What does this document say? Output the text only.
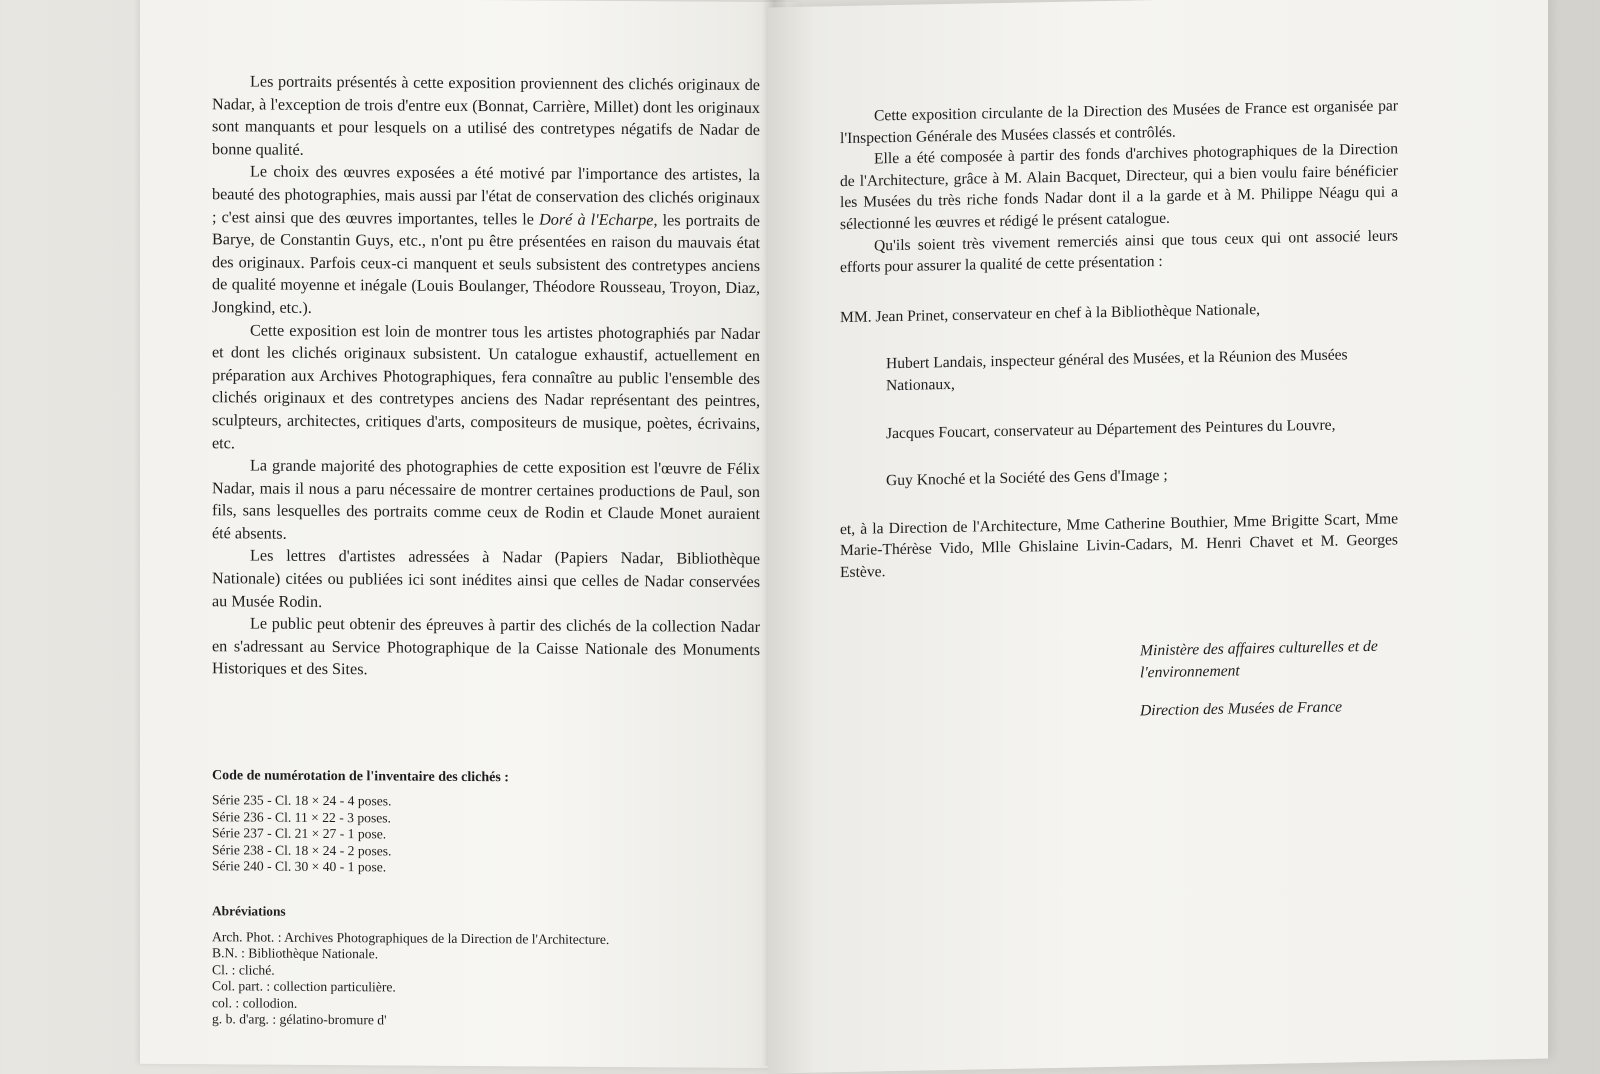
Les portraits présentés à cette exposition proviennent des clichés originaux de Nadar, à l'exception de trois d'entre eux (Bonnat, Carrière, Millet) dont les originaux sont manquants et pour lesquels on a utilisé des contretypes négatifs de Nadar de bonne qualité.

Le choix des œuvres exposées a été motivé par l'importance des artistes, la beauté des photographies, mais aussi par l'état de conservation des clichés originaux ; c'est ainsi que des œuvres importantes, telles le Doré à l'Echarpe, les portraits de Barye, de Constantin Guys, etc., n'ont pu être présentées en raison du mauvais état des originaux. Parfois ceux-ci manquent et seuls subsistent des contretypes anciens de qualité moyenne et inégale (Louis Boulanger, Théodore Rousseau, Troyon, Diaz, Jongkind, etc.).

Cette exposition est loin de montrer tous les artistes photographiés par Nadar et dont les clichés originaux subsistent. Un catalogue exhaustif, actuellement en préparation aux Archives Photographiques, fera connaître au public l'ensemble des clichés originaux et des contretypes anciens des Nadar représentant des peintres, sculpteurs, architectes, critiques d'arts, compositeurs de musique, poètes, écrivains, etc.

La grande majorité des photographies de cette exposition est l'œuvre de Félix Nadar, mais il nous a paru nécessaire de montrer certaines productions de Paul, son fils, sans lesquelles des portraits comme ceux de Rodin et Claude Monet auraient été absents.

Les lettres d'artistes adressées à Nadar (Papiers Nadar, Bibliothèque Nationale) citées ou publiées ici sont inédites ainsi que celles de Nadar conservées au Musée Rodin.

Le public peut obtenir des épreuves à partir des clichés de la collection Nadar en s'adressant au Service Photographique de la Caisse Nationale des Monuments Historiques et des Sites.

Code de numérotation de l'inventaire des clichés :
Série 235 - Cl. 18 × 24 - 4 poses.
Série 236 - Cl. 11 × 22 - 3 poses.
Série 237 - Cl. 21 × 27 - 1 pose.
Série 238 - Cl. 18 × 24 - 2 poses.
Série 240 - Cl. 30 × 40 - 1 pose.
Abréviations
Arch. Phot. : Archives Photographiques de la Direction de l'Architecture.
B.N. : Bibliothèque Nationale.
Cl. : cliché.
Col. part. : collection particulière.
col. : collodion.
g. b. d'arg. : gélatino-bromure d'

Cette exposition circulante de la Direction des Musées de France est organisée par l'Inspection Générale des Musées classés et contrôlés.

Elle a été composée à partir des fonds d'archives photographiques de la Direction de l'Architecture, grâce à M. Alain Bacquet, Directeur, qui a bien voulu faire bénéficier les Musées du très riche fonds Nadar dont il a la garde et à M. Philippe Néagu qui a sélectionné les œuvres et rédigé le présent catalogue.

Qu'ils soient très vivement remerciés ainsi que tous ceux qui ont associé leurs efforts pour assurer la qualité de cette présentation :

MM. Jean Prinet, conservateur en chef à la Bibliothèque Nationale,

Hubert Landais, inspecteur général des Musées, et la Réunion des Musées Nationaux,

Jacques Foucart, conservateur au Département des Peintures du Louvre,

Guy Knoché et la Société des Gens d'Image ;

et, à la Direction de l'Architecture, Mme Catherine Bouthier, Mme Brigitte Scart, Mme Marie-Thérèse Vido, Mlle Ghislaine Livin-Cadars, M. Henri Chavet et M. Georges Estève.

Ministère des affaires culturelles et de l'environnement
Direction des Musées de France
